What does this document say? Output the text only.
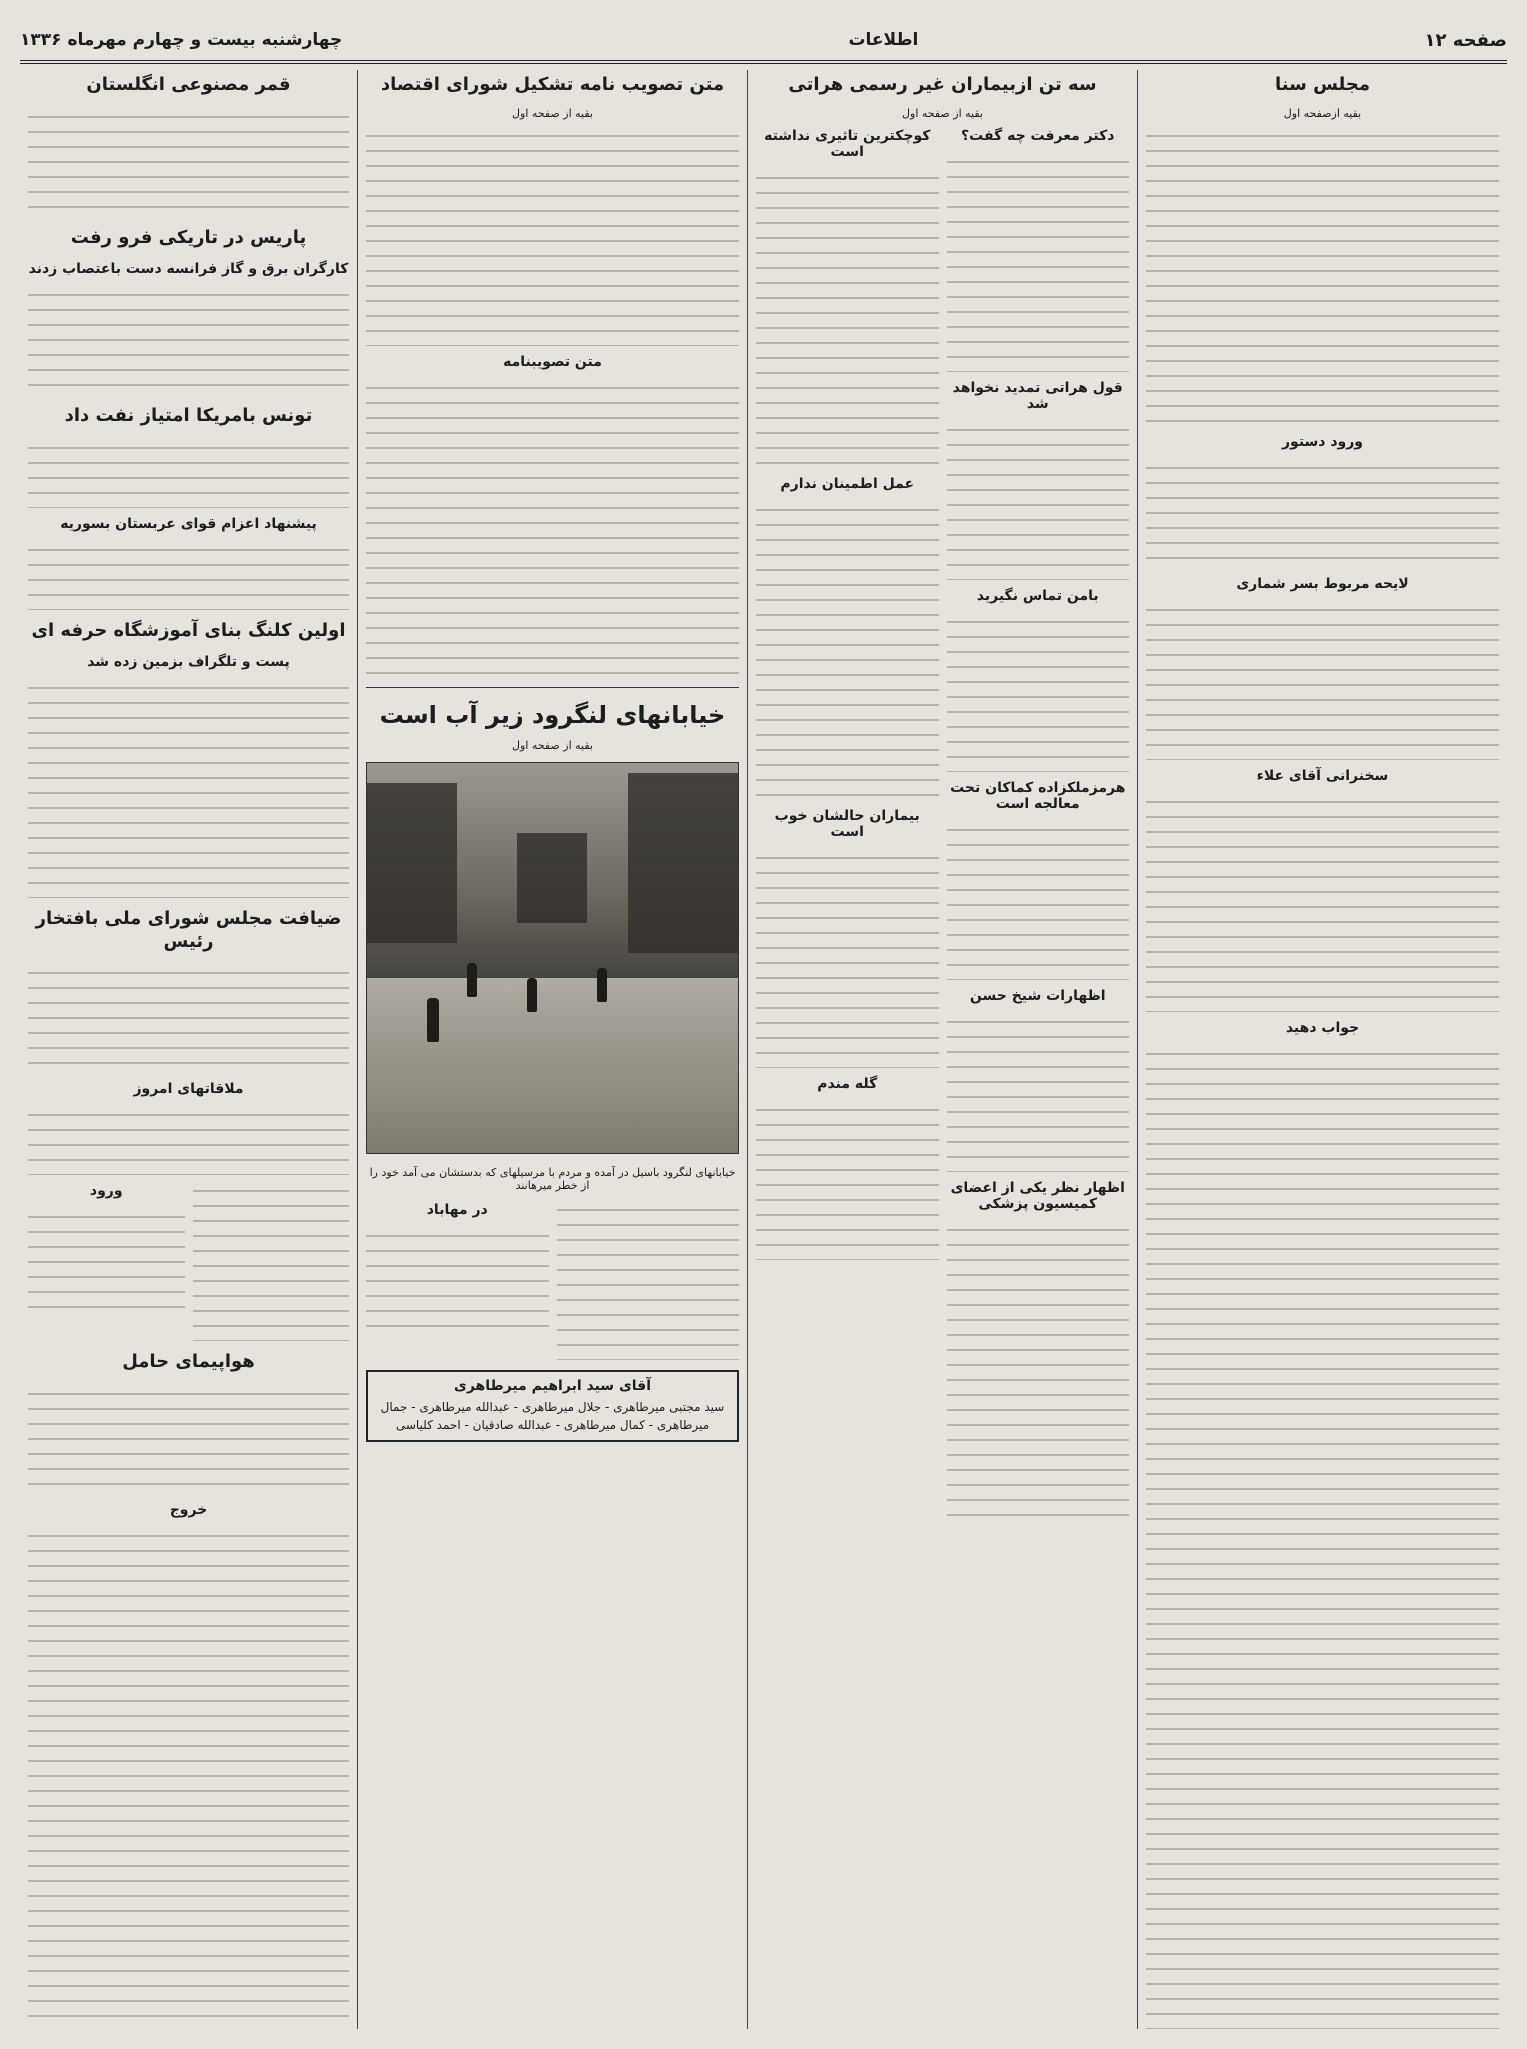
صفحه ۱۲
اطلاعات
چهارشنبه بیست و چهارم مهرماه ۱۳۳۶
مجلس سنا

بقیه ازصفحه اول

ورود دستور
لایحه مربوط بسر شماری
سخنرانی آقای علاء
جواب دهید
سه تن ازبیماران غیر رسمی هراتی

بقیه از صفحه اول

دکتر معرفت چه گفت؟
قول هراتی تمدید نخواهد شد
بامن تماس نگیرید
هرمزملکزاده کماکان تحت معالجه است
اظهارات شیخ حسن
اظهار نظر یکی از اعضای کمیسیون پزشکی
کوچکترین تاثیری نداشته است
عمل اطمینان ندارم
بیماران حالشان خوب است
گله مندم
متن تصویب نامه تشکیل شورای اقتصاد

بقیه از صفحه اول

متن تصویبنامه
خیابانهای لنگرود زیر آب است

بقیه از صفحه اول

خیابانهای لنگرود باسیل در آمده و مردم با مرسیلهای که بدستشان می آمد خود را از خطر میرهانند

در مهاباد
آقای سید ابراهیم میرطاهری
سید مجتبی میرطاهری - جلال میرطاهری - عبدالله میرطاهری - جمال میرطاهری - کمال میرطاهری - عبدالله صادقیان - احمد کلیاسی
قمر مصنوعی انگلستان
پاریس در تاریکی فرو رفت
کارگران برق و گاز فرانسه دست باعتصاب زدند
تونس بامریکا امتیاز نفت داد
پیشنهاد اعزام قوای عربستان بسوریه
اولین کلنگ بنای آموزشگاه حرفه ای
پست و تلگراف بزمین زده شد
ضیافت مجلس شورای ملی بافتخار رئیس
ملاقاتهای امروز
ورود
هواپیمای حامل
خروج
